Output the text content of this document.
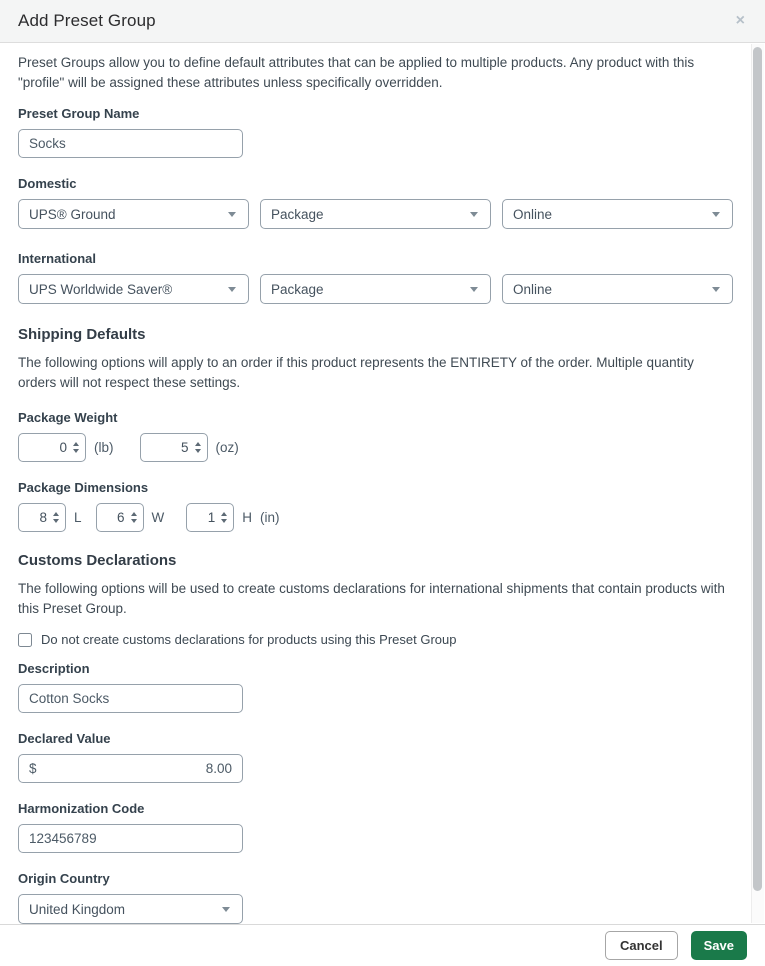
Add Preset Group	×

Preset Groups allow you to define default attributes that can be applied to multiple products. Any product with this "profile" will be assigned these attributes unless specifically overridden.

Preset Group Name
Socks
Domestic
UPS® Ground	Package	Online
International
UPS Worldwide Saver®	Package	Online
Shipping Defaults

The following options will apply to an order if this product represents the ENTIRETY of the order. Multiple quantity orders will not respect these settings.

Package Weight
0 (lb)	5 (oz)
Package Dimensions
8 L	6 W	1 H (in)
Customs Declarations

The following options will be used to create customs declarations for international shipments that contain products with this Preset Group.

Do not create customs declarations for products using this Preset Group
Description
Cotton Socks
Declared Value
$	8.00
Harmonization Code
123456789
Origin Country
United Kingdom
Cancel	Save
